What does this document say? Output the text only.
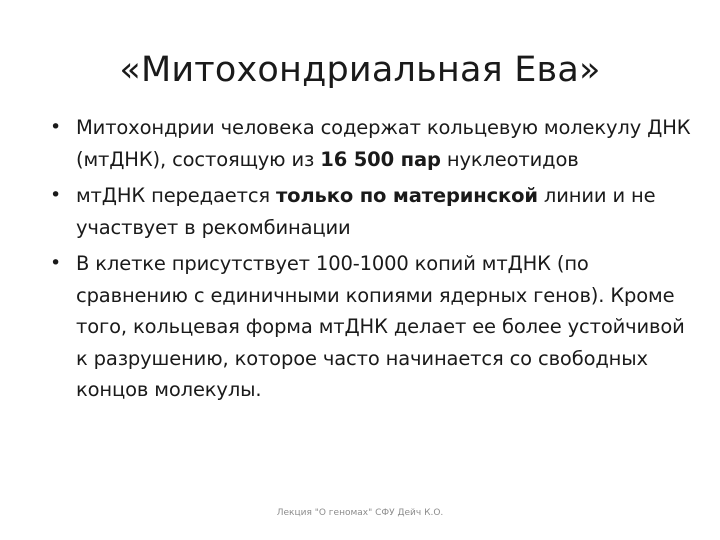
«Митохондриальная Ева»
• Митохондрии человека содержат кольцевую молекулу ДНК (мтДНК), состоящую из 16 500 пар нуклеотидов
• мтДНК передается только по материнской линии и не участвует в рекомбинации
• В клетке присутствует 100-1000 копий мтДНК (по сравнению с единичными копиями ядерных генов). Кроме того, кольцевая форма мтДНК делает ее более устойчивой к разрушению, которое часто начинается со свободных концов молекулы.
Лекция "О геномах" СФУ Дейч К.О.
